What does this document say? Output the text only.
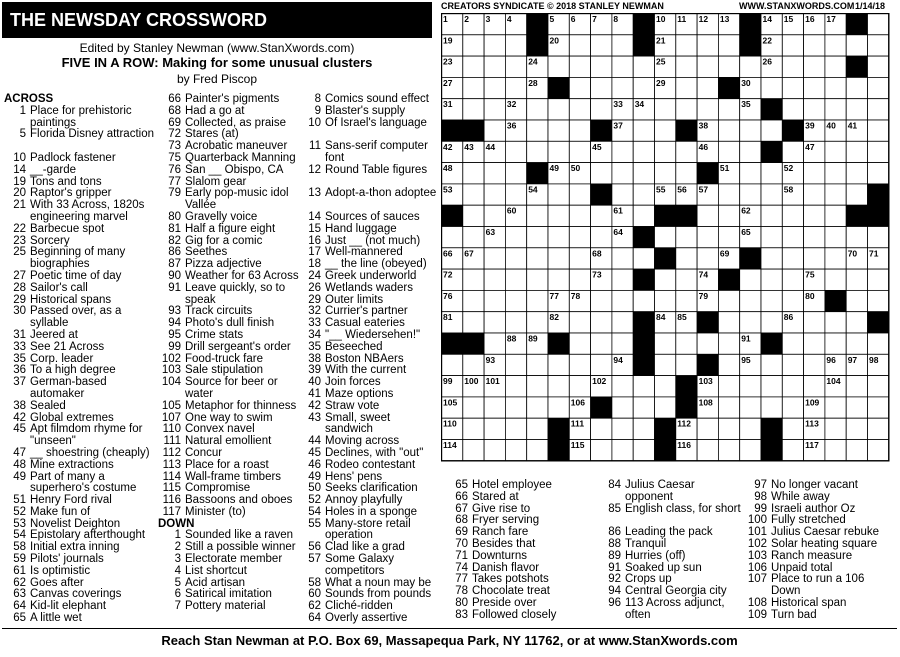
THE NEWSDAY CROSSWORD
Edited by Stanley Newman (www.StanXwords.com)
FIVE IN A ROW: Making for some unusual clusters
by Fred Piscop
CREATORS SYNDICATE © 2018 STANLEY NEWMAN	WWW.STANXWORDS.COM 1/14/18
1 2 3 4	5 6 7 8	10 11 12 13	14 15 16 17
19	20	21	22
23	24	25	26
27	28	29	30
31	32	33 34	35
36	37	38	39 40 41
42 43 44	45	46	47
48	49 50	51	52
53	54	55 56 57	58
60	61	62
63	64	65
66 67	68	69	70 71
72	73	74	75
76	77 78	79	80
81	82	84 85	86
88 89	91
93	94	95	96 97 98
99 100 101	102	103	104
105	106	108	109
110	111	112	113
114	115	116	117
ACROSS
1 Place for prehistoric paintings
5 Florida Disney attraction
10 Padlock fastener
14 __-garde
19 Tons and tons
20 Raptor's gripper
21 With 33 Across, 1820s engineering marvel
22 Barbecue spot
23 Sorcery
25 Beginning of many biographies
27 Poetic time of day
28 Sailor's call
29 Historical spans
30 Passed over, as a syllable
31 Jeered at
33 See 21 Across
35 Corp. leader
36 To a high degree
37 German-based automaker
38 Sealed
42 Global extremes
45 Apt filmdom rhyme for "unseen"
47 __ shoestring (cheaply)
48 Mine extractions
49 Part of many a superhero's costume
51 Henry Ford rival
52 Make fun of
53 Novelist Deighton
54 Epistolary afterthought
58 Initial extra inning
59 Pilots' journals
61 Is optimistic
62 Goes after
63 Canvas coverings
64 Kid-lit elephant
65 A little wet
66 Painter's pigments
68 Had a go at
69 Collected, as praise
72 Stares (at)
73 Acrobatic maneuver
75 Quarterback Manning
76 San __ Obispo, CA
77 Slalom gear
79 Early pop-music idol Vallée
80 Gravelly voice
81 Half a figure eight
82 Gig for a comic
86 Seethes
87 Pizza adjective
90 Weather for 63 Across
91 Leave quickly, so to speak
93 Track circuits
94 Photo's dull finish
95 Crime stats
99 Drill sergeant's order
102 Food-truck fare
103 Sale stipulation
104 Source for beer or water
105 Metaphor for thinness
107 One way to swim
110 Convex navel
111 Natural emollient
112 Concur
113 Place for a roast
114 Wall-frame timbers
115 Compromise
116 Bassoons and oboes
117 Minister (to)
DOWN
1 Sounded like a raven
2 Still a possible winner
3 Electorate member
4 List shortcut
5 Acid artisan
6 Satirical imitation
7 Pottery material
8 Comics sound effect
9 Blaster's supply
10 Of Israel's language
11 Sans-serif computer font
12 Round Table figures
13 Adopt-a-thon adoptee
14 Sources of sauces
15 Hand luggage
16 Just __ (not much)
17 Well-mannered
18 __ the line (obeyed)
24 Greek underworld
26 Wetlands waders
29 Outer limits
32 Currier's partner
33 Casual eateries
34 "__ Wiedersehen!"
35 Beseeched
38 Boston NBAers
39 With the current
40 Join forces
41 Maze options
42 Straw vote
43 Small, sweet sandwich
44 Moving across
45 Declines, with "out"
46 Rodeo contestant
49 Hens' pens
50 Seeks clarification
52 Annoy playfully
54 Holes in a sponge
55 Many-store retail operation
56 Clad like a grad
57 Some Galaxy competitors
58 What a noun may be
60 Sounds from pounds
62 Cliché-ridden
64 Overly assertive
65 Hotel employee
66 Stared at
67 Give rise to
68 Fryer serving
69 Ranch fare
70 Besides that
71 Downturns
74 Danish flavor
77 Takes potshots
78 Chocolate treat
80 Preside over
83 Followed closely
84 Julius Caesar opponent
85 English class, for short
86 Leading the pack
88 Tranquil
89 Hurries (off)
91 Soaked up sun
92 Crops up
94 Central Georgia city
96 113 Across adjunct, often
97 No longer vacant
98 While away
99 Israeli author Oz
100 Fully stretched
101 Julius Caesar rebuke
102 Solar heating square
103 Ranch measure
106 Unpaid total
107 Place to run a 106 Down
108 Historical span
109 Turn bad
Reach Stan Newman at P.O. Box 69, Massapequa Park, NY 11762, or at www.StanXwords.com
